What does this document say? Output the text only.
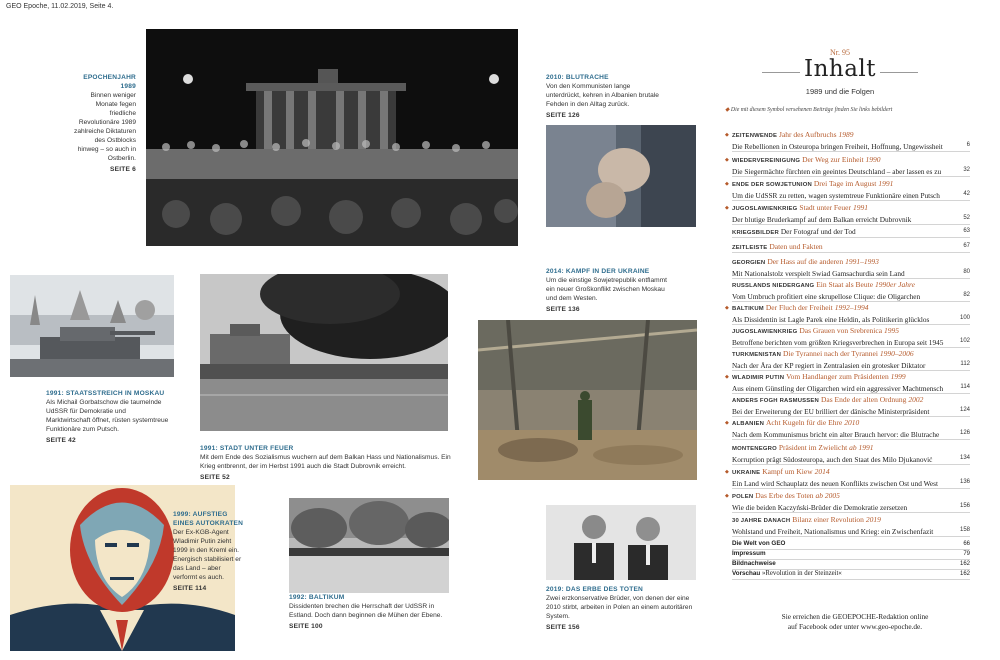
GEO Epoche, 11.02.2019, Seite 4.
EPOCHENJAHR 1989
Binnen weniger Monate fegen friedliche Revolutionäre 1989 zahlreiche Diktaturen des Ostblocks hinweg – so auch in Ostberlin.
SEITE 6
2010: BLUTRACHE
Von den Kommunisten lange unterdrückt, kehren in Albanien brutale Fehden in den Alltag zurück.
SEITE 126
2014: KAMPF IN DER UKRAINE
Um die einstige Sowjetrepublik entflammt ein neuer Großkonflikt zwischen Moskau und dem Westen.
SEITE 136
1991: STAATSSTREICH IN MOSKAU
Als Michail Gorbatschow die taumelnde UdSSR für Demokratie und Marktwirtschaft öffnet, rüsten systemtreue Funktionäre zum Putsch.
SEITE 42
1991: STADT UNTER FEUER
Mit dem Ende des Sozialismus wuchern auf dem Balkan Hass und Nationalismus. Ein Krieg entbrennt, der im Herbst 1991 auch die Stadt Dubrovnik erreicht.
SEITE 52
1999: AUFSTIEG EINES AUTOKRATEN
Der Ex-KGB-Agent Wladimir Putin zieht 1999 in den Kreml ein. Energisch stabilisiert er das Land – aber verformt es auch.
SEITE 114
1992: BALTIKUM
Dissidenten brechen die Herrschaft der UdSSR in Estland. Doch dann beginnen die Mühen der Ebene.
SEITE 100
2019: DAS ERBE DES TOTEN
Zwei erzkonservative Brüder, von denen der eine 2010 stirbt, arbeiten in Polen an einem autoritären System.
SEITE 156
Nr. 95
Inhalt
1989 und die Folgen
◆ Die mit diesem Symbol versehenen Beiträge finden Sie links bebildert
◆ ZEITENWENDE Jahr des Aufbruchs 1989
Die Rebellionen in Osteuropa bringen Freiheit, Hoffnung, Ungewissheit	6
◆ WIEDERVEREINIGUNG Der Weg zur Einheit 1990
Die Siegermächte fürchten ein geeintes Deutschland – aber lassen es zu	32
◆ ENDE DER SOWJETUNION Drei Tage im August 1991
Um die UdSSR zu retten, wagen systemtreue Funktionäre einen Putsch	42
◆ JUGOSLAWIENKRIEG Stadt unter Feuer 1991
Der blutige Bruderkampf auf dem Balkan erreicht Dubrovnik	52
KRIEGSBILDER Der Fotograf und der Tod	63
ZEITLEISTE Daten und Fakten	67
GEORGIEN Der Hass auf die anderen 1991–1993
Mit Nationalstolz verspielt Swiad Gamsachurdia sein Land	80
RUSSLANDS NIEDERGANG Ein Staat als Beute 1990er Jahre
Vom Umbruch profitiert eine skrupellose Clique: die Oligarchen	82
◆ BALTIKUM Der Fluch der Freiheit 1992–1994
Als Dissidentin ist Lagle Parek eine Heldin, als Politikerin glücklos	100
JUGOSLAWIENKRIEG Das Grauen von Srebrenica 1995
Betroffene berichten vom größten Kriegsverbrechen in Europa seit 1945	102
TURKMENISTAN Die Tyrannei nach der Tyrannei 1990–2006
Nach der Ära der KP regiert in Zentralasien ein grotesker Diktator	112
◆ WLADIMIR PUTIN Vom Handlanger zum Präsidenten 1999
Aus einem Günstling der Oligarchen wird ein aggressiver Machtmensch	114
ANDERS FOGH RASMUSSEN Das Ende der alten Ordnung 2002
Bei der Erweiterung der EU brilliert der dänische Ministerpräsident	124
◆ ALBANIEN Acht Kugeln für die Ehre 2010
Nach dem Kommunismus bricht ein alter Brauch hervor: die Blutrache	126
MONTENEGRO Präsident im Zwielicht ab 1991
Korruption prägt Südosteuropa, auch den Staat des Milo Djukanović	134
◆ UKRAINE Kampf um Kiew 2014
Ein Land wird Schauplatz des neuen Konflikts zwischen Ost und West	136
◆ POLEN Das Erbe des Toten ab 2005
Wie die beiden Kaczyński-Brüder die Demokratie zersetzen	156
30 JAHRE DANACH Bilanz einer Revolution 2019
Wohlstand und Freiheit, Nationalismus und Krieg: ein Zwischenfazit	158
Die Welt von GEO	66
Impressum	79
Bildnachweise	162
Vorschau »Revolution in der Steinzeit«	162
Sie erreichen die GEOEPOCHE-Redaktion online
auf Facebook oder unter www.geo-epoche.de.
